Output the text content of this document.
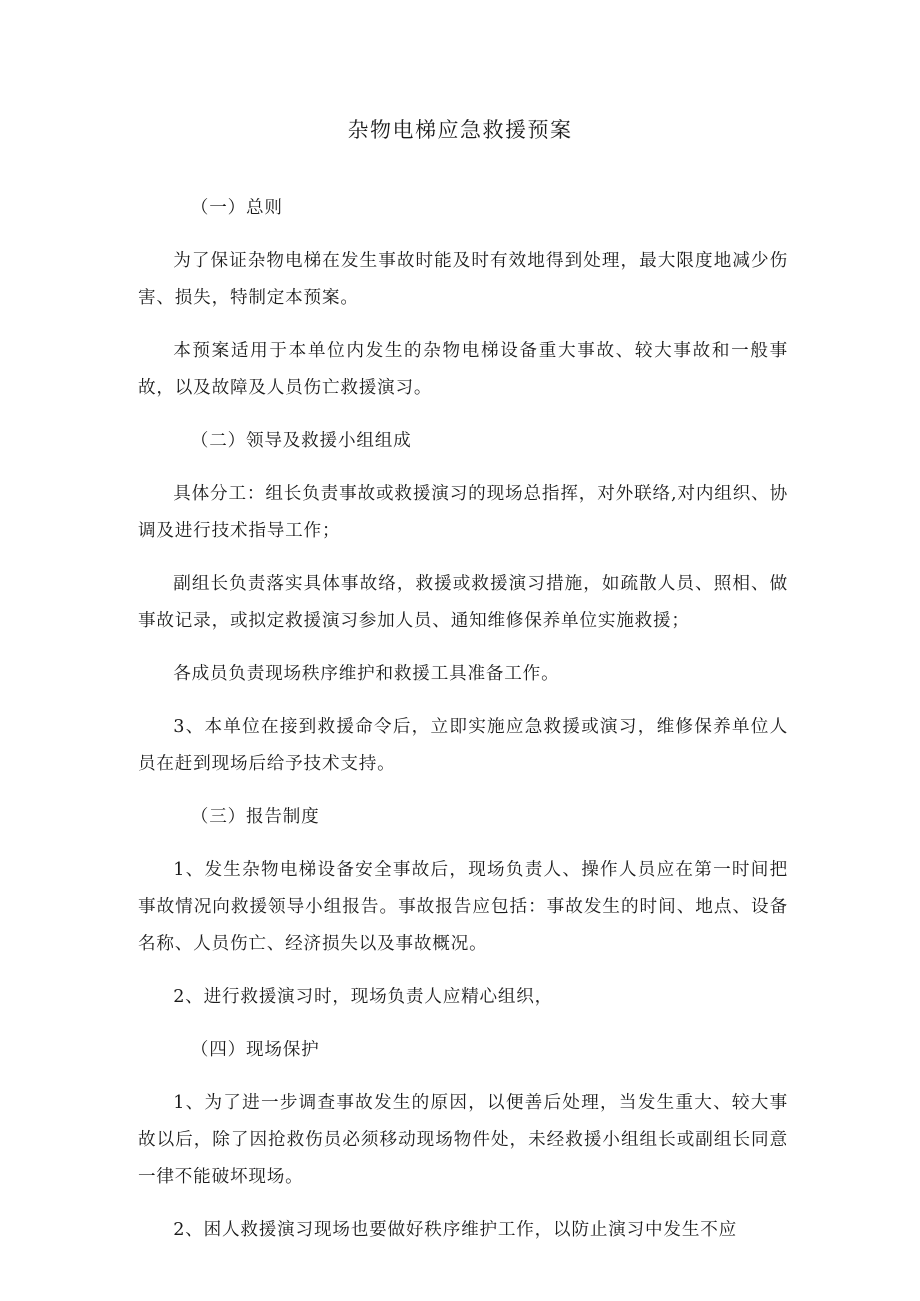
杂物电梯应急救援预案

（一）总则

为了保证杂物电梯在发生事故时能及时有效地得到处理，最大限度地减少伤害、损失，特制定本预案。

本预案适用于本单位内发生的杂物电梯设备重大事故、较大事故和一般事故，以及故障及人员伤亡救援演习。

（二）领导及救援小组组成

具体分工：组长负责事故或救援演习的现场总指挥，对外联络,对内组织、协调及进行技术指导工作；

副组长负责落实具体事故络，救援或救援演习措施，如疏散人员、照相、做事故记录，或拟定救援演习参加人员、通知维修保养单位实施救援；

各成员负责现场秩序维护和救援工具准备工作。

3、本单位在接到救援命令后，立即实施应急救援或演习，维修保养单位人员在赶到现场后给予技术支持。

（三）报告制度

1、发生杂物电梯设备安全事故后，现场负责人、操作人员应在第一时间把事故情况向救援领导小组报告。事故报告应包括：事故发生的时间、地点、设备名称、人员伤亡、经济损失以及事故概况。

2、进行救援演习时，现场负责人应精心组织，

（四）现场保护

1、为了进一步调查事故发生的原因，以便善后处理，当发生重大、较大事故以后，除了因抢救伤员必须移动现场物件处，未经救援小组组长或副组长同意一律不能破坏现场。

2、困人救援演习现场也要做好秩序维护工作，以防止演习中发生不应
